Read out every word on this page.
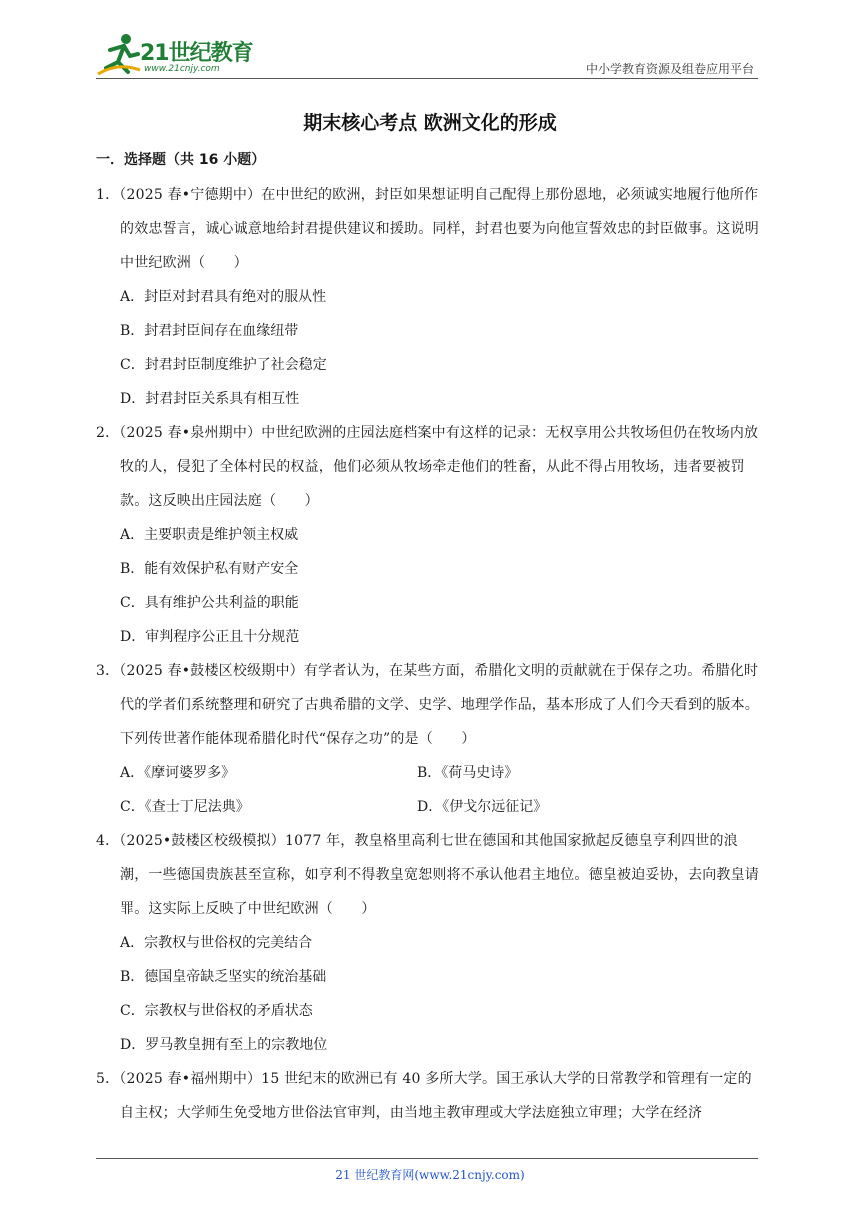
21世纪教育
www.21cnjy.com	中小学教育资源及组卷应用平台
期末核心考点 欧洲文化的形成
一．选择题（共 16 小题）

1．（2025 春•宁德期中）在中世纪的欧洲，封臣如果想证明自己配得上那份恩地，必须诚实地履行他所作的效忠誓言，诚心诚意地给封君提供建议和援助。同样，封君也要为向他宣誓效忠的封臣做事。这说明中世纪欧洲（　　）

A．封臣对封君具有绝对的服从性

B．封君封臣间存在血缘纽带

C．封君封臣制度维护了社会稳定

D．封君封臣关系具有相互性

2．（2025 春•泉州期中）中世纪欧洲的庄园法庭档案中有这样的记录：无权享用公共牧场但仍在牧场内放牧的人，侵犯了全体村民的权益，他们必须从牧场牵走他们的牲畜，从此不得占用牧场，违者要被罚款。这反映出庄园法庭（　　）

A．主要职责是维护领主权威

B．能有效保护私有财产安全

C．具有维护公共利益的职能

D．审判程序公正且十分规范

3．（2025 春•鼓楼区校级期中）有学者认为，在某些方面，希腊化文明的贡献就在于保存之功。希腊化时代的学者们系统整理和研究了古典希腊的文学、史学、地理学作品，基本形成了人们今天看到的版本。下列传世著作能体现希腊化时代“保存之功”的是（　　）

A．《摩诃婆罗多》	B．《荷马史诗》
C．《查士丁尼法典》	D．《伊戈尔远征记》

4．（2025•鼓楼区校级模拟）1077 年，教皇格里高利七世在德国和其他国家掀起反德皇亨利四世的浪潮，一些德国贵族甚至宣称，如亨利不得教皇宽恕则将不承认他君主地位。德皇被迫妥协，去向教皇请罪。这实际上反映了中世纪欧洲（　　）

A．宗教权与世俗权的完美结合

B．德国皇帝缺乏坚实的统治基础

C．宗教权与世俗权的矛盾状态

D．罗马教皇拥有至上的宗教地位

5．（2025 春•福州期中）15 世纪末的欧洲已有 40 多所大学。国王承认大学的日常教学和管理有一定的自主权；大学师生免受地方世俗法官审判，由当地主教审理或大学法庭独立审理；大学在经济

21 世纪教育网(www.21cnjy.com)
